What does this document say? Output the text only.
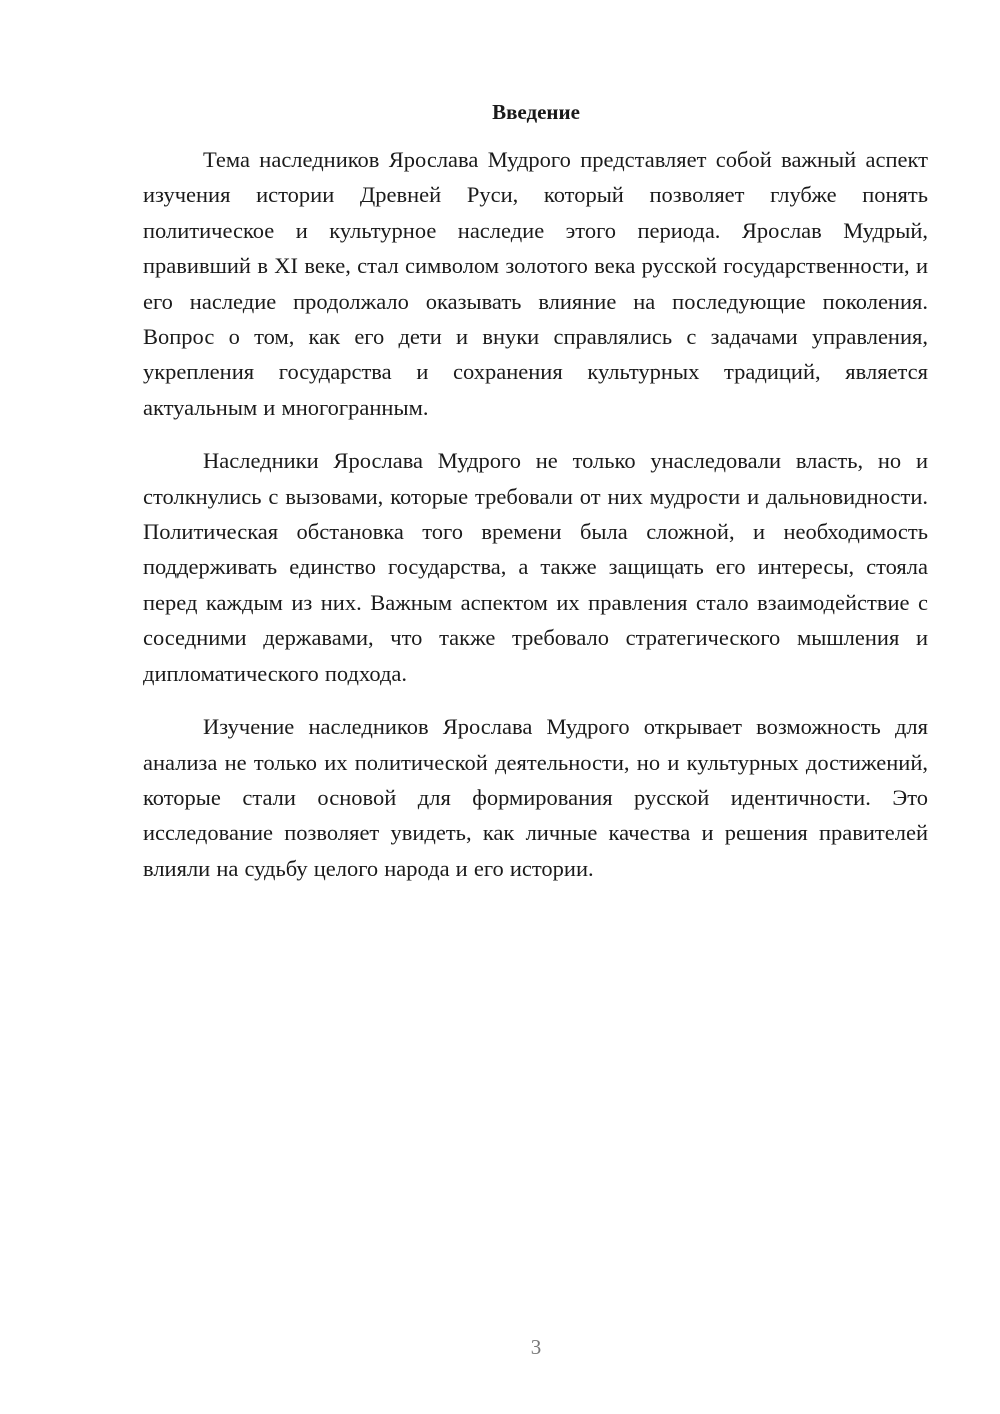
Введение

Тема наследников Ярослава Мудрого представляет собой важный аспект изучения истории Древней Руси, который позволяет глубже понять политическое и культурное наследие этого периода. Ярослав Мудрый, правивший в XI веке, стал символом золотого века русской государственности, и его наследие продолжало оказывать влияние на последующие поколения. Вопрос о том, как его дети и внуки справлялись с задачами управления, укрепления государства и сохранения культурных традиций, является актуальным и многогранным.

Наследники Ярослава Мудрого не только унаследовали власть, но и столкнулись с вызовами, которые требовали от них мудрости и дальновидности. Политическая обстановка того времени была сложной, и необходимость поддерживать единство государства, а также защищать его интересы, стояла перед каждым из них. Важным аспектом их правления стало взаимодействие с соседними державами, что также требовало стратегического мышления и дипломатического подхода.

Изучение наследников Ярослава Мудрого открывает возможность для анализа не только их политической деятельности, но и культурных достижений, которые стали основой для формирования русской идентичности. Это исследование позволяет увидеть, как личные качества и решения правителей влияли на судьбу целого народа и его истории.

3
